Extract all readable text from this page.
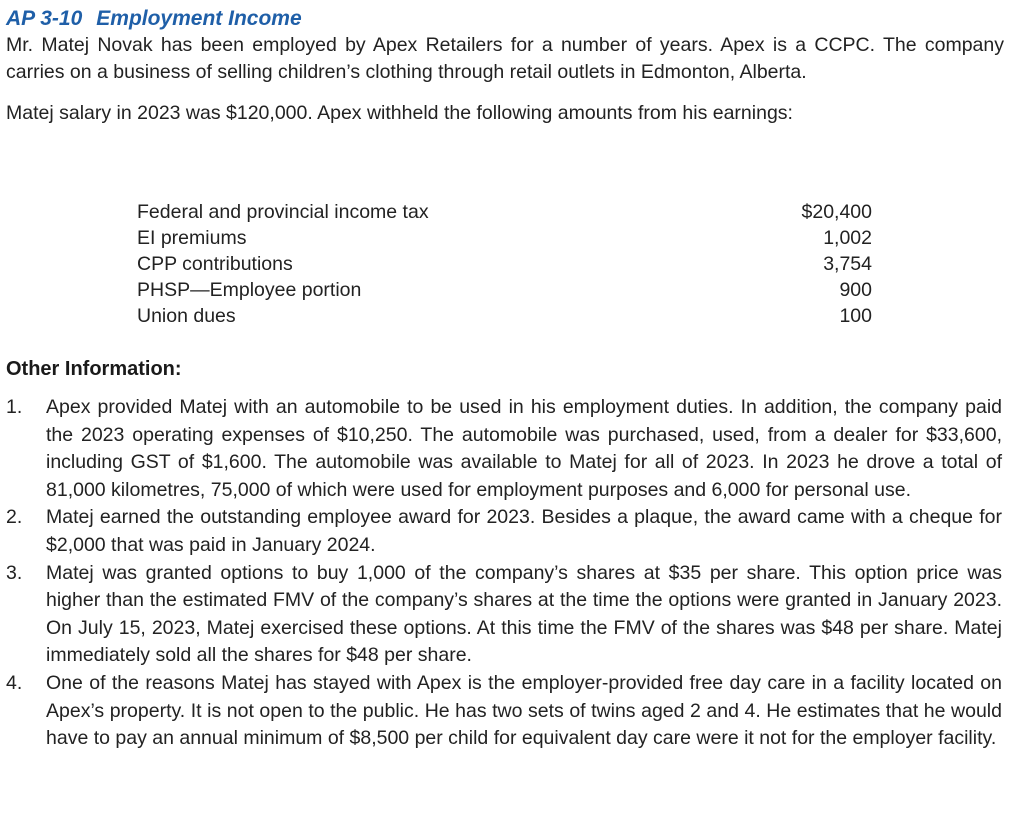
AP 3-10 Employment Income

Mr. Matej Novak has been employed by Apex Retailers for a number of years. Apex is a CCPC. The company carries on a business of selling children’s clothing through retail outlets in Edmonton, Alberta.

Matej salary in 2023 was $120,000. Apex withheld the following amounts from his earnings:

Federal and provincial income tax	$20,400
EI premiums	1,002
CPP contributions	3,754
PHSP—Employee portion	900
Union dues	100
Other Information:
1.	Apex provided Matej with an automobile to be used in his employment duties. In addition, the company paid the 2023 operating expenses of $10,250. The automobile was purchased, used, from a dealer for $33,600, including GST of $1,600. The automobile was available to Matej for all of 2023. In 2023 he drove a total of 81,000 kilometres, 75,000 of which were used for employment purposes and 6,000 for personal use.
2.	Matej earned the outstanding employee award for 2023. Besides a plaque, the award came with a cheque for $2,000 that was paid in January 2024.
3.	Matej was granted options to buy 1,000 of the company’s shares at $35 per share. This option price was higher than the estimated FMV of the company’s shares at the time the options were granted in January 2023. On July 15, 2023, Matej exercised these options. At this time the FMV of the shares was $48 per share. Matej immediately sold all the shares for $48 per share.
4.	One of the reasons Matej has stayed with Apex is the employer-provided free day care in a facility located on Apex’s property. It is not open to the public. He has two sets of twins aged 2 and 4. He estimates that he would have to pay an annual minimum of $8,500 per child for equivalent day care were it not for the employer facility.
